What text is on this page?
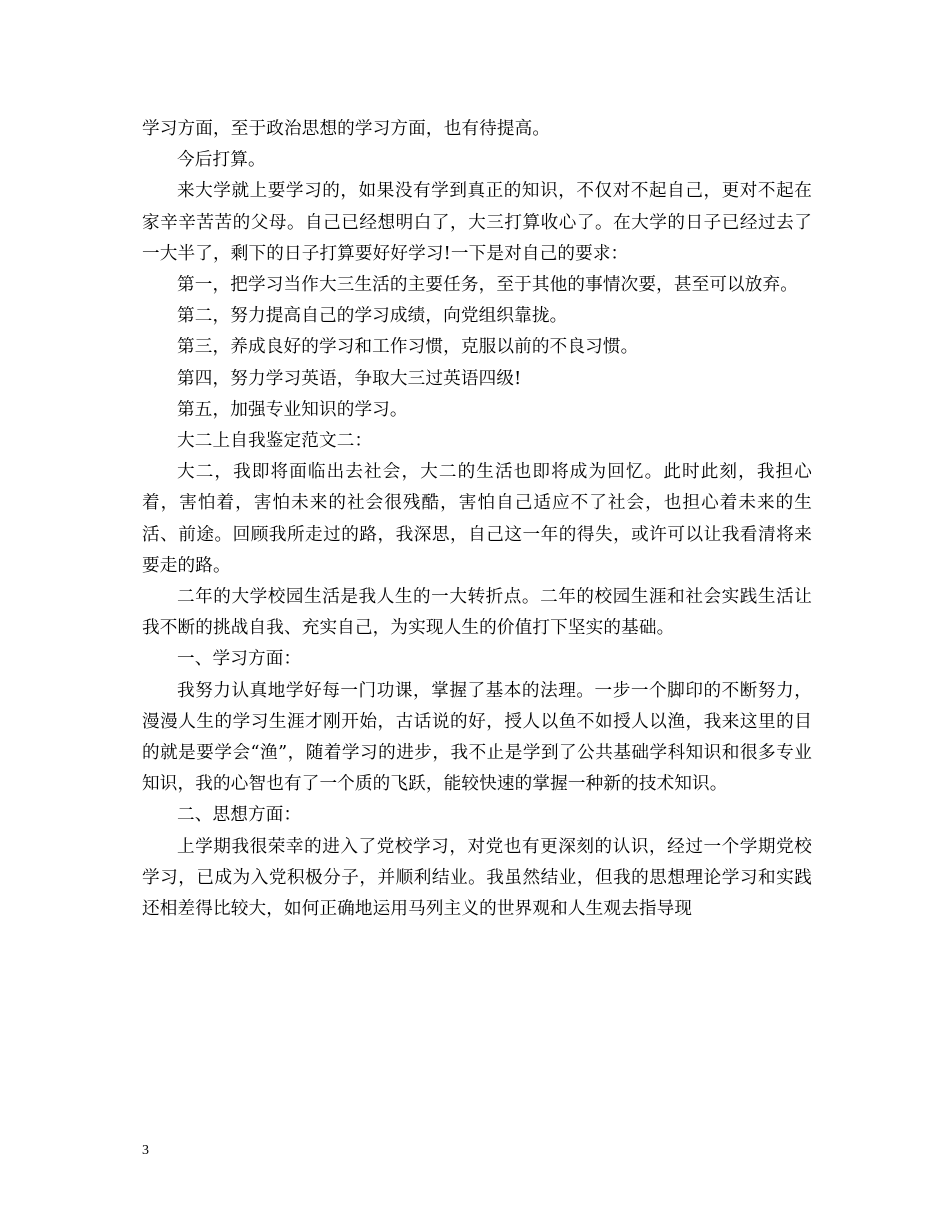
学习方面，至于政治思想的学习方面，也有待提高。

今后打算。

来大学就上要学习的，如果没有学到真正的知识，不仅对不起自己，更对不起在家辛辛苦苦的父母。自己已经想明白了，大三打算收心了。在大学的日子已经过去了一大半了，剩下的日子打算要好好学习!一下是对自己的要求：

第一，把学习当作大三生活的主要任务，至于其他的事情次要，甚至可以放弃。

第二，努力提高自己的学习成绩，向党组织靠拢。

第三，养成良好的学习和工作习惯，克服以前的不良习惯。

第四，努力学习英语，争取大三过英语四级!

第五，加强专业知识的学习。

大二上自我鉴定范文二：

大二，我即将面临出去社会，大二的生活也即将成为回忆。此时此刻，我担心着，害怕着，害怕未来的社会很残酷，害怕自己适应不了社会，也担心着未来的生活、前途。回顾我所走过的路，我深思，自己这一年的得失，或许可以让我看清将来要走的路。

二年的大学校园生活是我人生的一大转折点。二年的校园生涯和社会实践生活让我不断的挑战自我、充实自己，为实现人生的价值打下坚实的基础。

一、学习方面：

我努力认真地学好每一门功课，掌握了基本的法理。一步一个脚印的不断努力，漫漫人生的学习生涯才刚开始，古话说的好，授人以鱼不如授人以渔，我来这里的目的就是要学会“渔”，随着学习的进步，我不止是学到了公共基础学科知识和很多专业知识，我的心智也有了一个质的飞跃，能较快速的掌握一种新的技术知识。

二、思想方面：

上学期我很荣幸的进入了党校学习，对党也有更深刻的认识，经过一个学期党校学习，已成为入党积极分子，并顺利结业。我虽然结业，但我的思想理论学习和实践还相差得比较大，如何正确地运用马列主义的世界观和人生观去指导现

3
